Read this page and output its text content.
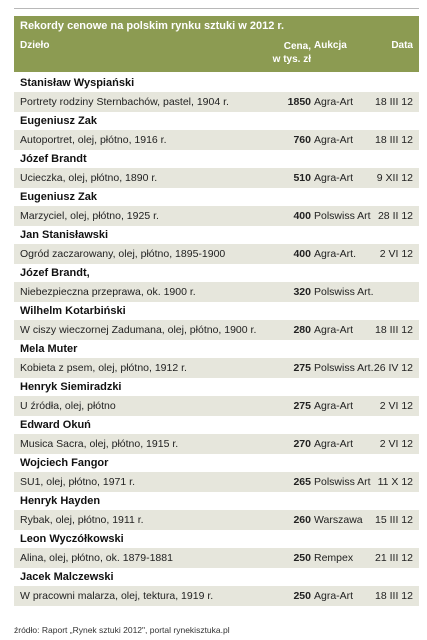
Rekordy cenowe na polskim rynku sztuki w 2012 r.
Dzieło	Cena,
w tys. zł
Aukcja	Data
Stanisław Wyspiański
Portrety rodziny Sternbachów, pastel, 1904 r.	1850 Agra-Art 18 III 12
Eugeniusz Zak
Autoportret, olej, płótno, 1916 r.	760 Agra-Art 18 III 12
Józef Brandt
Ucieczka, olej, płótno, 1890 r.	510 Agra-Art 9 XII 12
Eugeniusz Zak
Marzyciel, olej, płótno, 1925 r.	400 Polswiss Art 28 II 12
Jan Stanisławski
Ogród zaczarowany, olej, płótno, 1895-1900	400 Agra-Art. 2 VI 12
Józef Brandt,
Niebezpieczna przeprawa, ok. 1900 r.	320 Polswiss Art.
Wilhelm Kotarbiński
W ciszy wieczornej Zadumana, olej, płótno, 1900 r.	280 Agra-Art 18 III 12
Mela Muter
Kobieta z psem, olej, płótno, 1912 r.	275 Polswiss Art. 26 IV 12
Henryk Siemiradzki
U źródła, olej, płótno	275 Agra-Art	2 VI 12
Edward Okuń
Musica Sacra, olej, płótno, 1915 r.	270 Agra-Art	2 VI 12
Wojciech Fangor
SU1, olej, płótno, 1971 r.	265 Polswiss Art 11 X 12
Henryk Hayden
Rybak, olej, płótno, 1911 r.	260 Warszawa 15 III 12
Leon Wyczółkowski
Alina, olej, płótno, ok. 1879-1881	250 Rempex 21 III 12
Jacek Malczewski
W pracowni malarza, olej, tektura, 1919 r.	250 Agra-Art 18 III 12
źródło: Raport „Rynek sztuki 2012", portal rynekisztuka.pl
